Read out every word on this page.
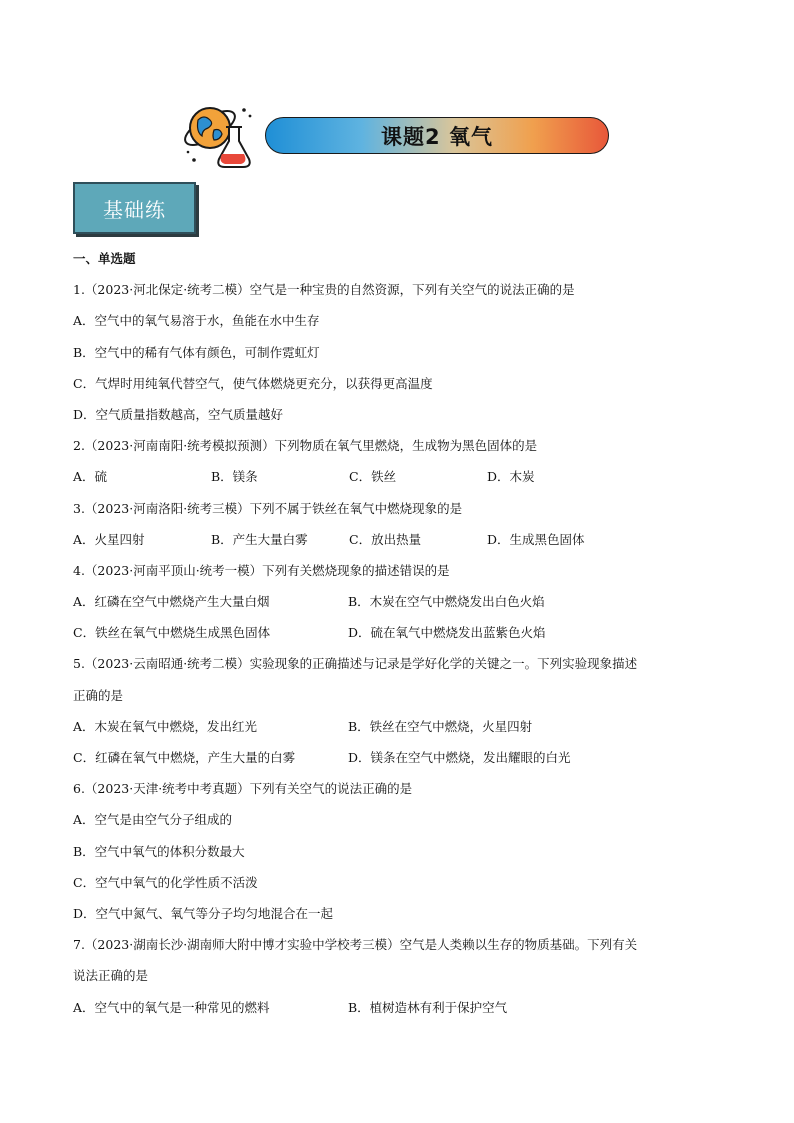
课题2 氧气
基础练
一、单选题
1.（2023·河北保定·统考二模）空气是一种宝贵的自然资源，下列有关空气的说法正确的是
A．空气中的氧气易溶于水，鱼能在水中生存
B．空气中的稀有气体有颜色，可制作霓虹灯
C．气焊时用纯氧代替空气，使气体燃烧更充分，以获得更高温度
D．空气质量指数越高，空气质量越好
2.（2023·河南南阳·统考模拟预测）下列物质在氧气里燃烧，生成物为黑色固体的是
A．硫	B．镁条	C．铁丝	D．木炭
3.（2023·河南洛阳·统考三模）下列不属于铁丝在氧气中燃烧现象的是
A．火星四射	B．产生大量白雾	C．放出热量	D．生成黑色固体
4.（2023·河南平顶山·统考一模）下列有关燃烧现象的描述错误的是
A．红磷在空气中燃烧产生大量白烟	B．木炭在空气中燃烧发出白色火焰
C．铁丝在氧气中燃烧生成黑色固体	D．硫在氧气中燃烧发出蓝紫色火焰
5.（2023·云南昭通·统考二模）实验现象的正确描述与记录是学好化学的关键之一。下列实验现象描述
正确的是
A．木炭在氧气中燃烧，发出红光	B．铁丝在空气中燃烧，火星四射
C．红磷在氧气中燃烧，产生大量的白雾	D．镁条在空气中燃烧，发出耀眼的白光
6.（2023·天津·统考中考真题）下列有关空气的说法正确的是
A．空气是由空气分子组成的
B．空气中氧气的体积分数最大
C．空气中氧气的化学性质不活泼
D．空气中氮气、氧气等分子均匀地混合在一起
7.（2023·湖南长沙·湖南师大附中博才实验中学校考三模）空气是人类赖以生存的物质基础。下列有关
说法正确的是
A．空气中的氧气是一种常见的燃料	B．植树造林有利于保护空气
